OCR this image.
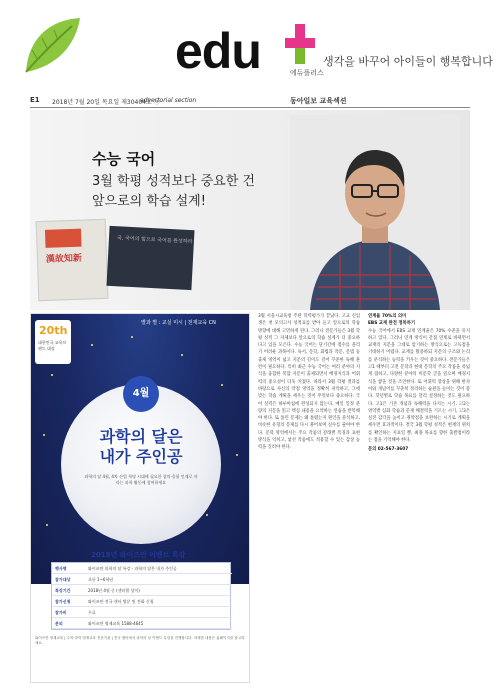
edu	에듀플러스
생각을 바꾸어 아이들이 행복합니다
E1 2018년 7월 20일 목요일 제30404호 ⓐ
advertorial section	동아일보 교육섹션
수능 국어
3월 학평 성적보다 중요한 건
앞으로의 학습 설계!
漢故知新
국, 국어의 힘으로 국어를 완성하라
20th
대한민국 교육브랜드 대상
별과 별 : 교실 미시 | 천재교육 CN
4월
과학의 달은
내가 주인공
과학의 달 4월, 4차 산업 혁명 시대에 필요한 창의·융합 인재로 자라는 과학 활동에 참여하세요
2018년 와이즈만 이벤트 특강
행사명	와이즈만 과학의 달 특강 - 과학의 달은 내가 주인공
참가대상	초등 1~6학년
특강기간	2018년 4월 중 (센터별 상이)
참가신청	와이즈만 전국 센터 방문 및 전화 신청
참가비	무료
문의	와이즈만 영재교육 1588-4645
와이즈만 영재교육 | 수학·과학 영재교육 전문기관 | 전국 센터에서 과학의 달 이벤트 특강을 진행합니다. 자세한 내용은 홈페이지를 참고하세요.
3월 서울시교육청 주관 학력평가가 끝났다. 고교 신입생은 첫 모의고사 성적표를 받아 들고 앞으로의 학습 방향에 대해 고민하게 된다. 그러나 전문가들은 3월 학평 성적 그 자체보다 앞으로의 학습 설계가 더 중요하다고 입을 모은다. 수능 국어는 단기간에 점수를 올리기 어려운 과목이다. 독서, 문학, 화법과 작문, 문법 등 출제 영역이 넓고 지문의 길이도 길어 꾸준한 독해 훈련이 필요하다. 특히 최근 수능 국어는 여러 분야의 지식을 융합한 복합 지문이 출제되면서 배경지식과 어휘력의 중요성이 더욱 커졌다. 따라서 3월 학평 결과를 바탕으로 자신의 약점 영역을 정확히 파악하고, 그에 맞는 학습 계획을 세우는 것이 무엇보다 중요하다. 국어 실력은 하루아침에 완성되지 않는다. 매일 일정 분량의 지문을 읽고 핵심 내용을 요약하는 연습을 반복해야 한다. 또 틀린 문제는 왜 틀렸는지 원인을 분석하고, 비슷한 유형의 문제를 다시 풀어보며 실수를 줄여야 한다. 문학 영역에서는 주요 작품의 갈래별 특징과 표현 방식을 익히고, 낯선 작품에도 적용할 수 있는 감상 능력을 길러야 한다.
연계율 70%의 의미
EBS 교재 완전 정복하기
수능 국어에서 EBS 교재 연계율은 70% 수준을 유지하고 있다. 그러나 연계 방식이 간접 연계로 바뀌면서 교재의 지문을 그대로 암기하는 방식으로는 고득점을 기대하기 어렵다. 교재를 활용하되 지문의 구조와 논리를 분석하는 능력을 키우는 것이 중요하다. 전문가들은 고1 때부터 고전 문학과 현대 문학의 주요 작품을 폭넓게 접하고, 다양한 분야의 비문학 글을 읽으며 배경지식을 쌓을 것을 조언한다. 또 어휘력 향상을 위해 한자어와 개념어를 꾸준히 정리하는 습관을 들이는 것이 좋다. 학년별로 학습 목표를 달리 설정하는 것도 필요하다. 고1은 기본 개념과 독해력을 다지는 시기, 고2는 영역별 심화 학습과 문제 해결력을 기르는 시기, 고3은 실전 감각을 높이고 취약점을 보완하는 시기로 계획을 세우면 효과적이다. 결국 3월 학평 성적은 현재의 위치를 확인하는 지표일 뿐, 최종 목표를 향한 출발점이라는 점을 기억해야 한다.
문의 02-567-3607
